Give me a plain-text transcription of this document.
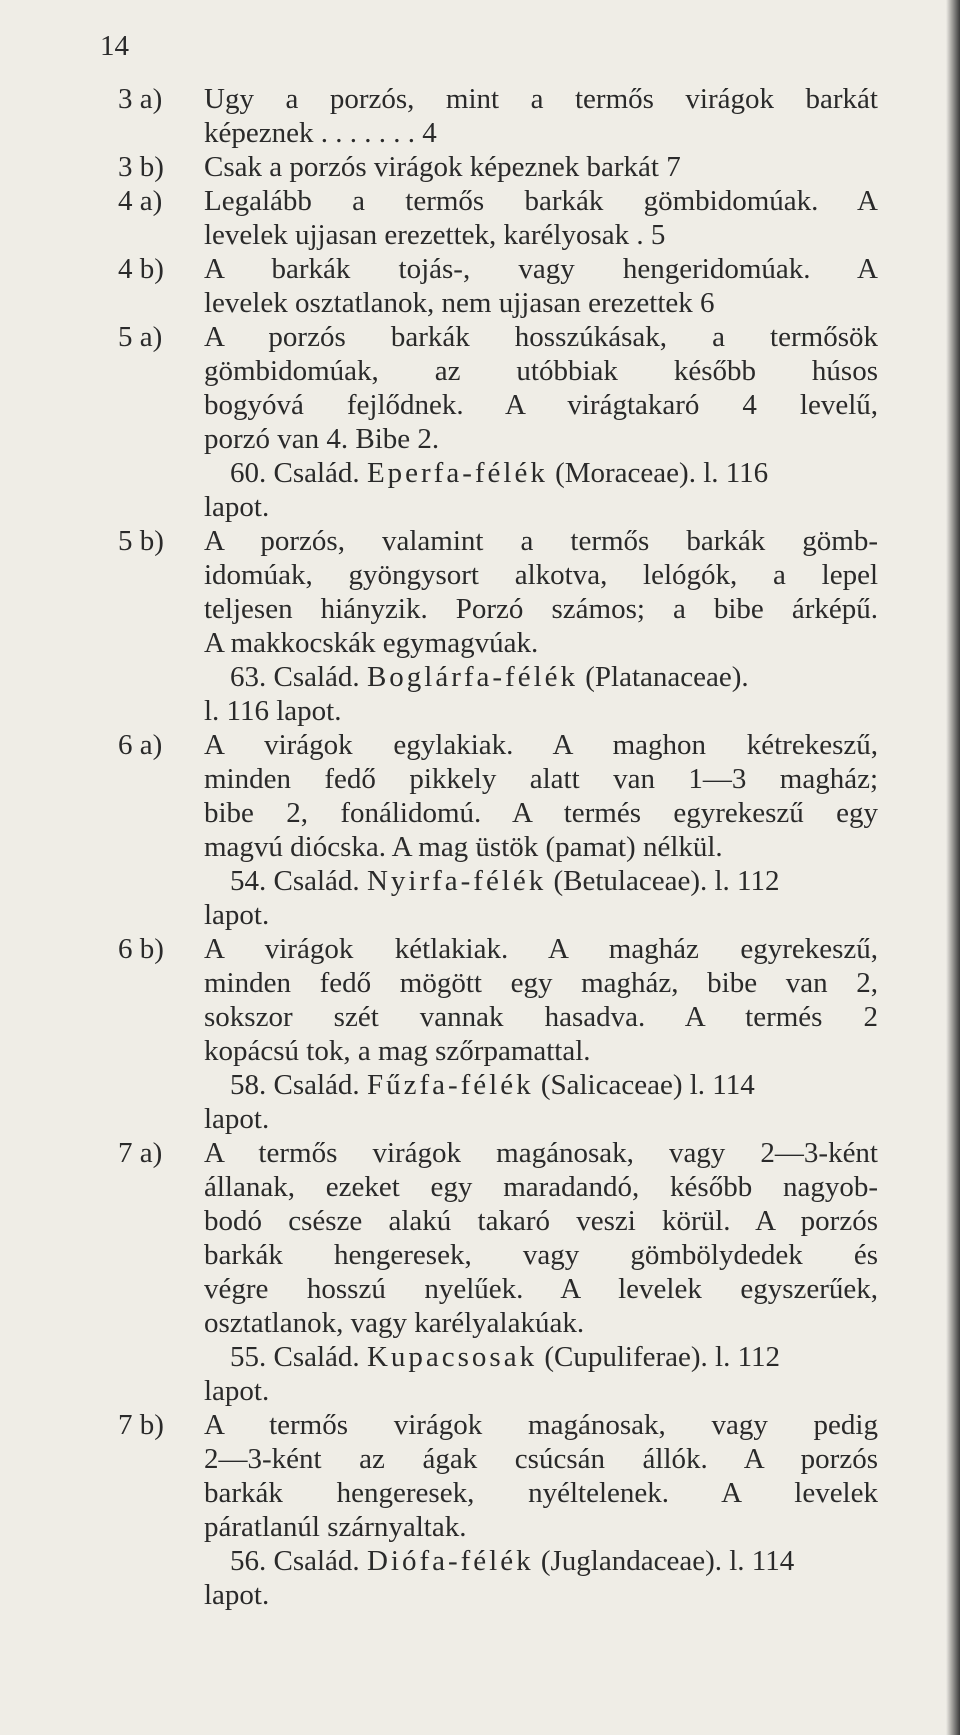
14
3 a) Ugy a porzós, mint a termős virágok barkát
képeznek . . . . . . . 4
3 b) Csak a porzós virágok képeznek barkát 7
4 a) Legalább a termős barkák gömbidomúak. A
levelek ujjasan erezettek, karélyosak . 5
4 b) A barkák tojás-, vagy hengeridomúak. A
levelek osztatlanok, nem ujjasan erezettek 6
5 a) A porzós barkák hosszúkásak, a termősök
gömbidomúak, az utóbbiak később húsos
bogyóvá fejlődnek. A virágtakaró 4 levelű,
porzó van 4. Bibe 2.
60. Család. Eperfa-félék (Moraceae). l. 116
lapot.
5 b) A porzós, valamint a termős barkák gömb-
idomúak, gyöngysort alkotva, lelógók, a lepel
teljesen hiányzik. Porzó számos; a bibe árképű.
A makkocskák egymagvúak.
63. Család. Boglárfa-félék (Platanaceae).
l. 116 lapot.
6 a) A virágok egylakiak. A maghon kétrekeszű,
minden fedő pikkely alatt van 1—3 magház;
bibe 2, fonálidomú. A termés egyrekeszű egy
magvú diócska. A mag üstök (pamat) nélkül.
54. Család. Nyirfa-félék (Betulaceae). l. 112
lapot.
6 b) A virágok kétlakiak. A magház egyrekeszű,
minden fedő mögött egy magház, bibe van 2,
sokszor szét vannak hasadva. A termés 2
kopácsú tok, a mag szőrpamattal.
58. Család. Fűzfa-félék (Salicaceae) l. 114
lapot.
7 a) A termős virágok magánosak, vagy 2—3-ként
állanak, ezeket egy maradandó, később nagyob-
bodó csésze alakú takaró veszi körül. A porzós
barkák hengeresek, vagy gömbölydedek és
végre hosszú nyelűek. A levelek egyszerűek,
osztatlanok, vagy karélyalakúak.
55. Család. Kupacsosak (Cupuliferae). l. 112
lapot.
7 b) A termős virágok magánosak, vagy pedig
2—3-ként az ágak csúcsán állók. A porzós
barkák hengeresek, nyéltelenek. A levelek
páratlanúl szárnyaltak.
56. Család. Diófa-félék (Juglandaceae). l. 114
lapot.
